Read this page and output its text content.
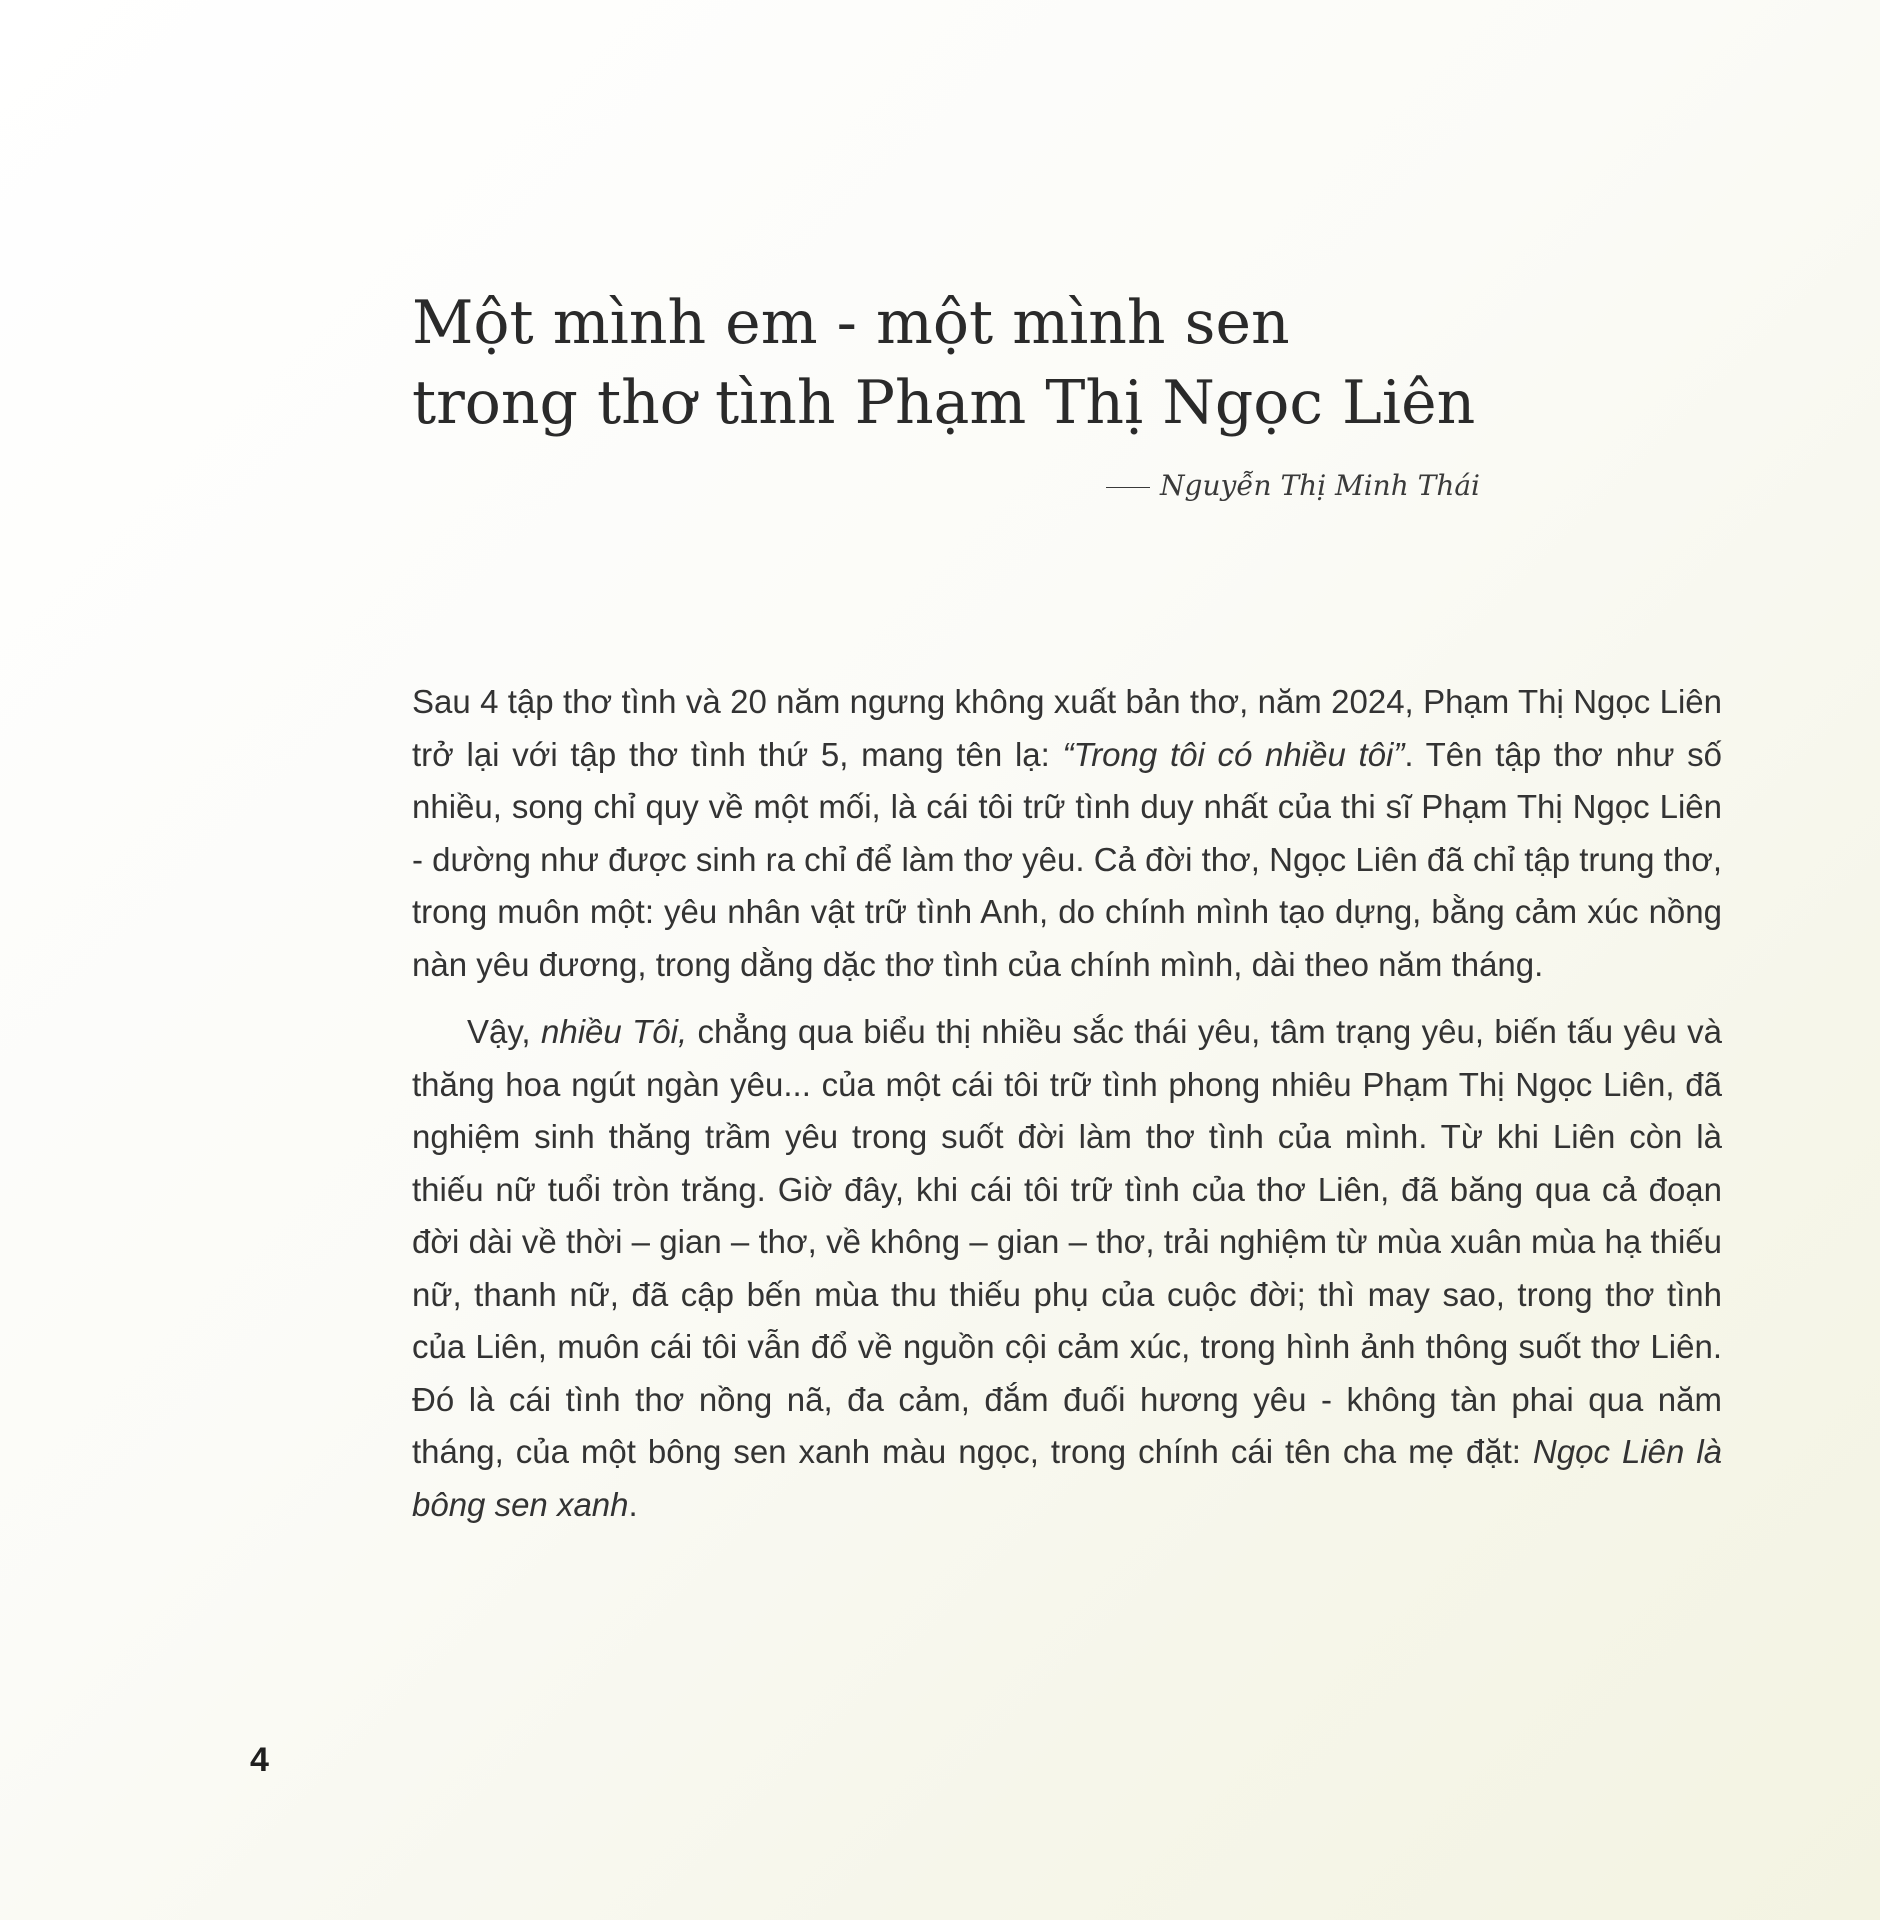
Một mình em - một mình sen
trong thơ tình Phạm Thị Ngọc Liên
Nguyễn Thị Minh Thái

Sau 4 tập thơ tình và 20 năm ngưng không xuất bản thơ, năm 2024, Phạm Thị Ngọc Liên trở lại với tập thơ tình thứ 5, mang tên lạ: “Trong tôi có nhiều tôi”. Tên tập thơ như số nhiều, song chỉ quy về một mối, là cái tôi trữ tình duy nhất của thi sĩ Phạm Thị Ngọc Liên - dường như được sinh ra chỉ để làm thơ yêu. Cả đời thơ, Ngọc Liên đã chỉ tập trung thơ, trong muôn một: yêu nhân vật trữ tình Anh, do chính mình tạo dựng, bằng cảm xúc nồng nàn yêu đương, trong dằng dặc thơ tình của chính mình, dài theo năm tháng.

Vậy, nhiều Tôi, chẳng qua biểu thị nhiều sắc thái yêu, tâm trạng yêu, biến tấu yêu và thăng hoa ngút ngàn yêu... của một cái tôi trữ tình phong nhiêu Phạm Thị Ngọc Liên, đã nghiệm sinh thăng trầm yêu trong suốt đời làm thơ tình của mình. Từ khi Liên còn là thiếu nữ tuổi tròn trăng. Giờ đây, khi cái tôi trữ tình của thơ Liên, đã băng qua cả đoạn đời dài về thời – gian – thơ, về không – gian – thơ, trải nghiệm từ mùa xuân mùa hạ thiếu nữ, thanh nữ, đã cập bến mùa thu thiếu phụ của cuộc đời; thì may sao, trong thơ tình của Liên, muôn cái tôi vẫn đổ về nguồn cội cảm xúc, trong hình ảnh thông suốt thơ Liên. Đó là cái tình thơ nồng nã, đa cảm, đắm đuối hương yêu - không tàn phai qua năm tháng, của một bông sen xanh màu ngọc, trong chính cái tên cha mẹ đặt: Ngọc Liên là bông sen xanh.

4
